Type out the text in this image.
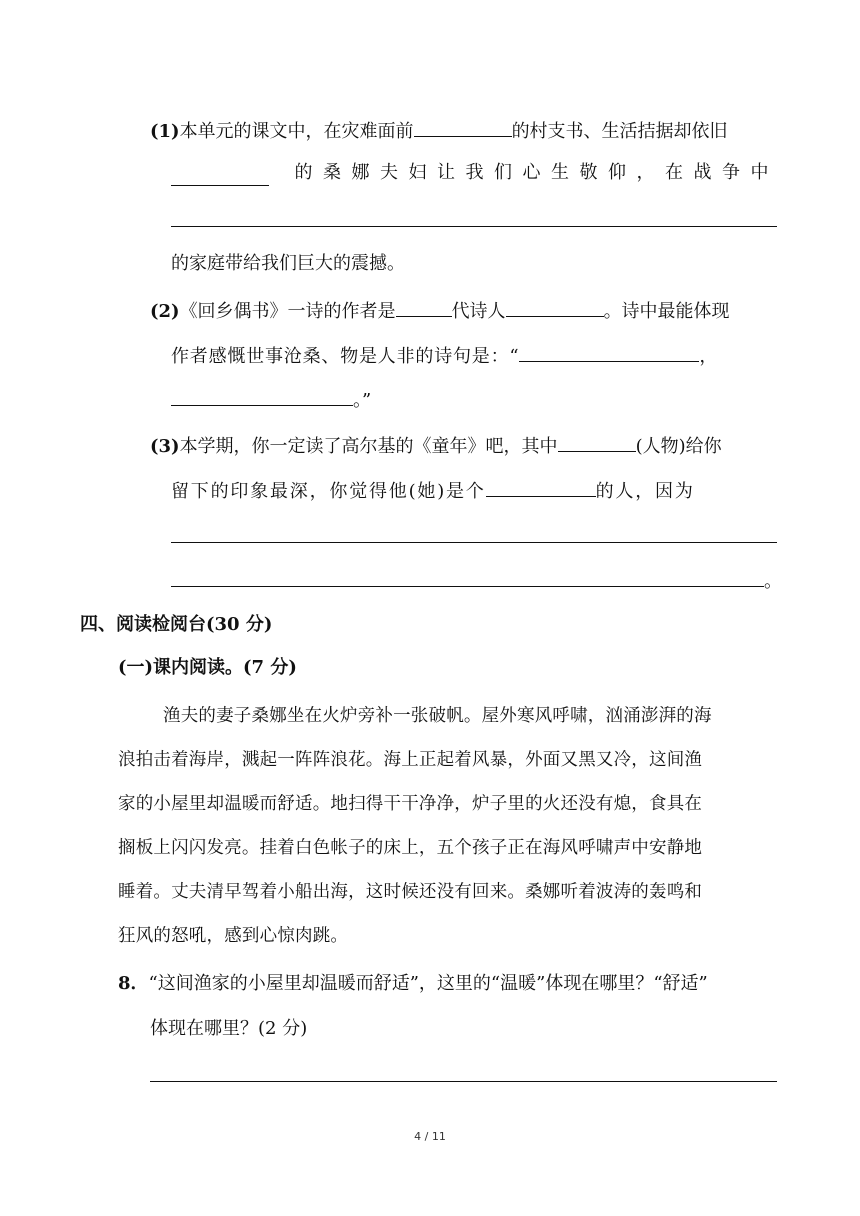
(1)本单元的课文中，在灾难面前	的村支书、生活拮据却依旧
的桑娜夫妇让我们心生敬仰，在战争中
的家庭带给我们巨大的震撼。
(2)《回乡偶书》一诗的作者是	代诗人	。诗中最能体现
作者感慨世事沧桑、物是人非的诗句是：“	，
。”
(3)本学期，你一定读了高尔基的《童年》吧，其中	(人物)给你
留下的印象最深，你觉得他(她)是个	的人，因为
。
四、阅读检阅台(30 分)
(一)课内阅读。(7 分)
渔夫的妻子桑娜坐在火炉旁补一张破帆。屋外寒风呼啸，汹涌澎湃的海
浪拍击着海岸，溅起一阵阵浪花。海上正起着风暴，外面又黑又冷，这间渔
家的小屋里却温暖而舒适。地扫得干干净净，炉子里的火还没有熄，食具在
搁板上闪闪发亮。挂着白色帐子的床上，五个孩子正在海风呼啸声中安静地
睡着。丈夫清早驾着小船出海，这时候还没有回来。桑娜听着波涛的轰鸣和
狂风的怒吼，感到心惊肉跳。
8．“这间渔家的小屋里却温暖而舒适”，这里的“温暖”体现在哪里？“舒适”
体现在哪里？(2 分)
4 / 11
